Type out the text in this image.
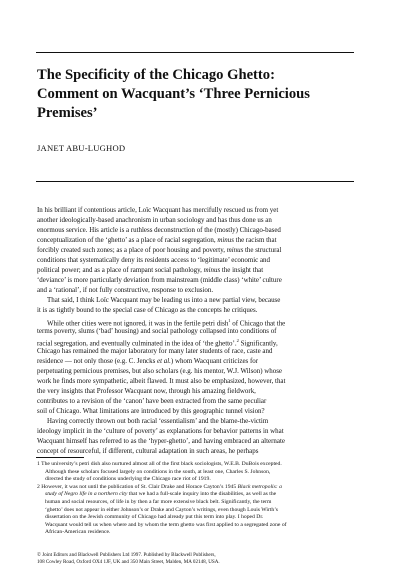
The Specificity of the Chicago Ghetto:
Comment on Wacquant’s ‘Three Pernicious
Premises’
JANET ABU-LUGHOD
In his brilliant if contentious article, Loïc Wacquant has mercifully rescued us from yet
another ideologically-based anachronism in urban sociology and has thus done us an
enormous service. His article is a ruthless deconstruction of the (mostly) Chicago-based
conceptualization of the ‘ghetto’ as a place of racial segregation, minus the racism that
forcibly created such zones; as a place of poor housing and poverty, minus the structural
conditions that systematically deny its residents access to ‘legitimate’ economic and
political power; and as a place of rampant social pathology, minus the insight that
‘deviance’ is more particularly deviation from mainstream (middle class) ‘white’ culture
and a ‘rational’, if not fully constructive, response to exclusion.
That said, I think Loïc Wacquant may be leading us into a new partial view, because
it is as tightly bound to the special case of Chicago as the concepts he critiques.
While other cities were not ignored, it was in the fertile petri dish$^1$ of Chicago that the
terms poverty, slums (‘bad’ housing) and social pathology collapsed into conditions of
racial segregation, and eventually culminated in the idea of ‘the ghetto’.$^2$ Significantly,
Chicago has remained the major laboratory for many later students of race, caste and
residence — not only those (e.g. C. Jencks et al.) whom Wacquant criticizes for
perpetuating pernicious premises, but also scholars (e.g. his mentor, W.J. Wilson) whose
work he finds more sympathetic, albeit flawed. It must also be emphasized, however, that
the very insights that Professor Wacquant now, through his amazing fieldwork,
contributes to a revision of the ‘canon’ have been extracted from the same peculiar
soil of Chicago. What limitations are introduced by this geographic tunnel vision?
Having correctly thrown out both racial ‘essentialism’ and the blame-the-victim
ideology implicit in the ‘culture of poverty’ as explanations for behavior patterns in what
Wacquant himself has referred to as the ‘hyper-ghetto’, and having embraced an alternate
concept of resourceful, if different, cultural adaptation in such areas, he perhaps
1 The university’s petri dish also nurtured almost all of the first black sociologists, W.E.B. DuBois excepted.
Although these scholars focused largely on conditions in the south, at least one, Charles S. Johnson,
directed the study of conditions underlying the Chicago race riot of 1919.
2 However, it was not until the publication of St. Clair Drake and Horace Cayton’s 1945 Black metropolis: a
study of Negro life in a northern city that we had a full-scale inquiry into the disabilities, as well as the
human and social resources, of life in by then a far more extensive black belt. Significantly, the term
‘ghetto’ does not appear in either Johnson’s or Drake and Cayton’s writings, even though Louis Wirth’s
dissertation on the Jewish community of Chicago had already put this term into play. I hoped Dr.
Wacquant would tell us when where and by whom the term ghetto was first applied to a segregated zone of
African-American residence.
© Joint Editors and Blackwell Publishers Ltd 1997. Published by Blackwell Publishers,
108 Cowley Road, Oxford OX4 1JF, UK and 350 Main Street, Malden, MA 02148, USA.
